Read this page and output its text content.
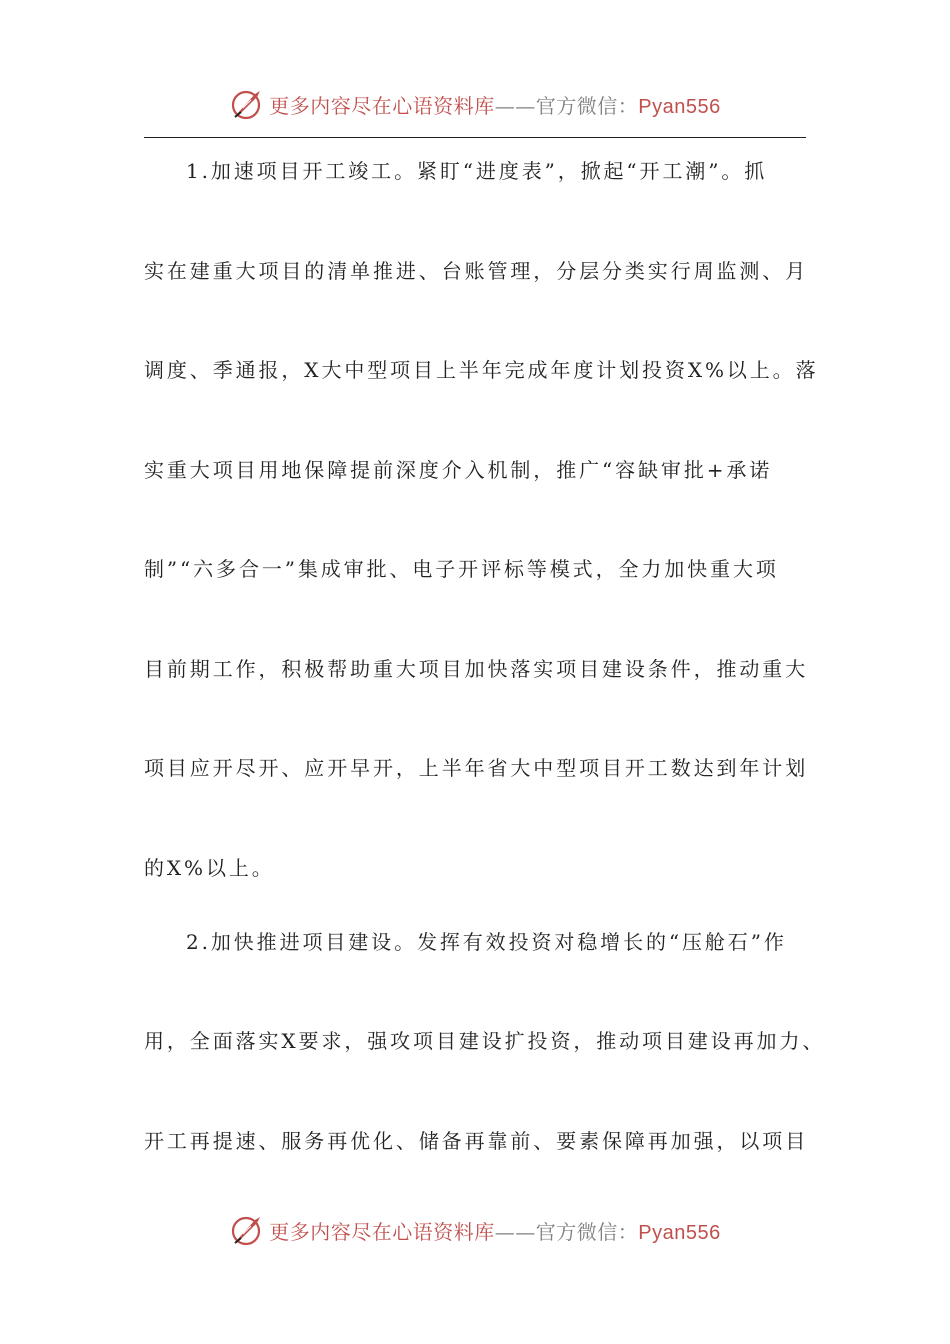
更多内容尽在心语资料库——官方微信：Pyan556
1.加速项目开工竣工。紧盯“进度表”，掀起“开工潮”。抓
实在建重大项目的清单推进、台账管理，分层分类实行周监测、月
调度、季通报，X大中型项目上半年完成年度计划投资X%以上。落
实重大项目用地保障提前深度介入机制，推广“容缺审批+承诺
制”“六多合一”集成审批、电子开评标等模式，全力加快重大项
目前期工作，积极帮助重大项目加快落实项目建设条件，推动重大
项目应开尽开、应开早开，上半年省大中型项目开工数达到年计划
的X%以上。
2.加快推进项目建设。发挥有效投资对稳增长的“压舱石”作
用，全面落实X要求，强攻项目建设扩投资，推动项目建设再加力、
开工再提速、服务再优化、储备再靠前、要素保障再加强，以项目
更多内容尽在心语资料库——官方微信：Pyan556
